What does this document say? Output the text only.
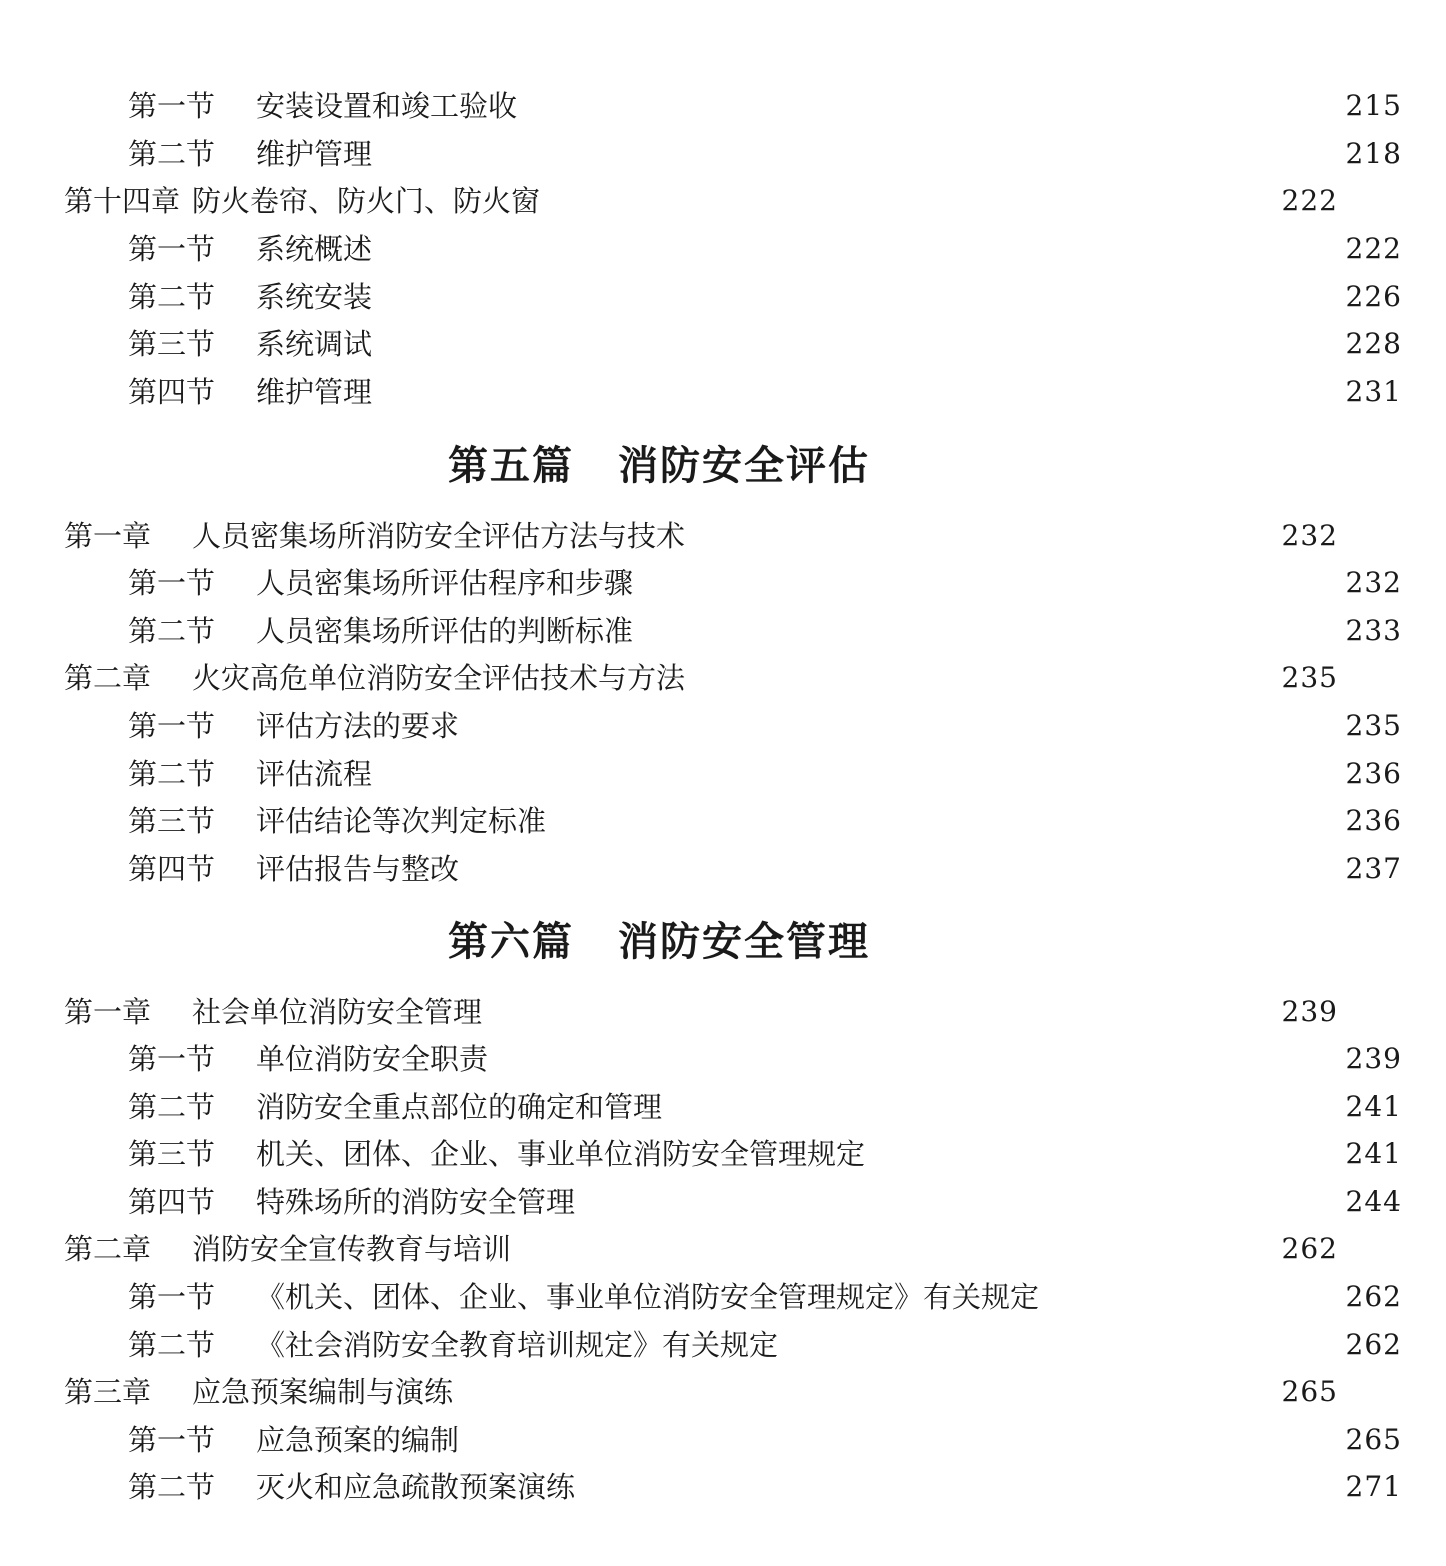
第一节	安装设置和竣工验收	215
第二节	维护管理	218
第十四章 防火卷帘、防火门、防火窗	222
第一节	系统概述	222
第二节	系统安装	226
第三节	系统调试	228
第四节	维护管理	231
第五篇 消防安全评估
第一章	人员密集场所消防安全评估方法与技术	232
第一节	人员密集场所评估程序和步骤	232
第二节	人员密集场所评估的判断标准	233
第二章	火灾高危单位消防安全评估技术与方法	235
第一节	评估方法的要求	235
第二节	评估流程	236
第三节	评估结论等次判定标准	236
第四节	评估报告与整改	237
第六篇 消防安全管理
第一章	社会单位消防安全管理	239
第一节	单位消防安全职责	239
第二节	消防安全重点部位的确定和管理	241
第三节	机关、团体、企业、事业单位消防安全管理规定	241
第四节	特殊场所的消防安全管理	244
第二章	消防安全宣传教育与培训	262
第一节	《机关、团体、企业、事业单位消防安全管理规定》有关规定	262
第二节	《社会消防安全教育培训规定》有关规定	262
第三章	应急预案编制与演练	265
第一节	应急预案的编制	265
第二节	灭火和应急疏散预案演练	271
